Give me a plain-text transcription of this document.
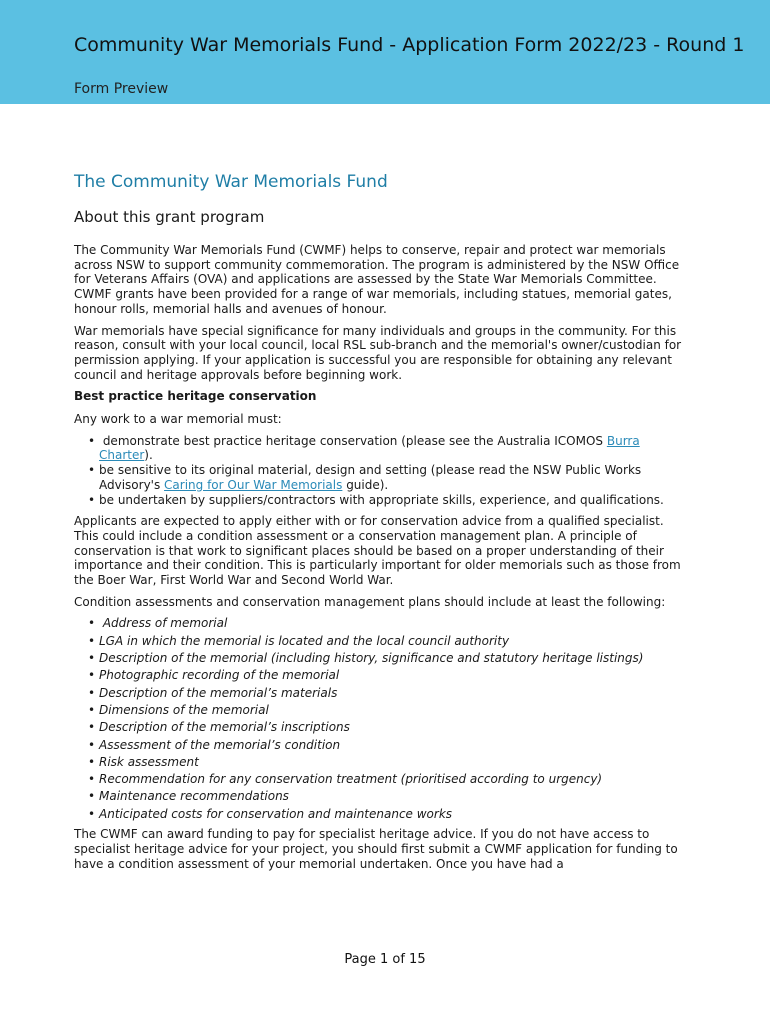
Community War Memorials Fund - Application Form 2022/23 - Round 1
Form Preview
The Community War Memorials Fund
About this grant program

The Community War Memorials Fund (CWMF) helps to conserve, repair and protect war memorials across NSW to support community commemoration. The program is administered by the NSW Office for Veterans Affairs (OVA) and applications are assessed by the State War Memorials Committee. CWMF grants have been provided for a range of war memorials, including statues, memorial gates, honour rolls, memorial halls and avenues of honour.

War memorials have special significance for many individuals and groups in the community. For this reason, consult with your local council, local RSL sub-branch and the memorial's owner/custodian for permission applying. If your application is successful you are responsible for obtaining any relevant council and heritage approvals before beginning work.

Best practice heritage conservation

Any work to a war memorial must:

• demonstrate best practice heritage conservation (please see the Australia ICOMOS Burra Charter).
• be sensitive to its original material, design and setting (please read the NSW Public Works Advisory's Caring for Our War Memorials guide).
• be undertaken by suppliers/contractors with appropriate skills, experience, and qualifications.

Applicants are expected to apply either with or for conservation advice from a qualified specialist. This could include a condition assessment or a conservation management plan. A principle of conservation is that work to significant places should be based on a proper understanding of their importance and their condition. This is particularly important for older memorials such as those from the Boer War, First World War and Second World War.

Condition assessments and conservation management plans should include at least the following:

• Address of memorial
• LGA in which the memorial is located and the local council authority
• Description of the memorial (including history, significance and statutory heritage listings)
• Photographic recording of the memorial
• Description of the memorial’s materials
• Dimensions of the memorial
• Description of the memorial’s inscriptions
• Assessment of the memorial’s condition
• Risk assessment
• Recommendation for any conservation treatment (prioritised according to urgency)
• Maintenance recommendations
• Anticipated costs for conservation and maintenance works

The CWMF can award funding to pay for specialist heritage advice. If you do not have access to specialist heritage advice for your project, you should first submit a CWMF application for funding to have a condition assessment of your memorial undertaken. Once you have had a

Page 1 of 15
